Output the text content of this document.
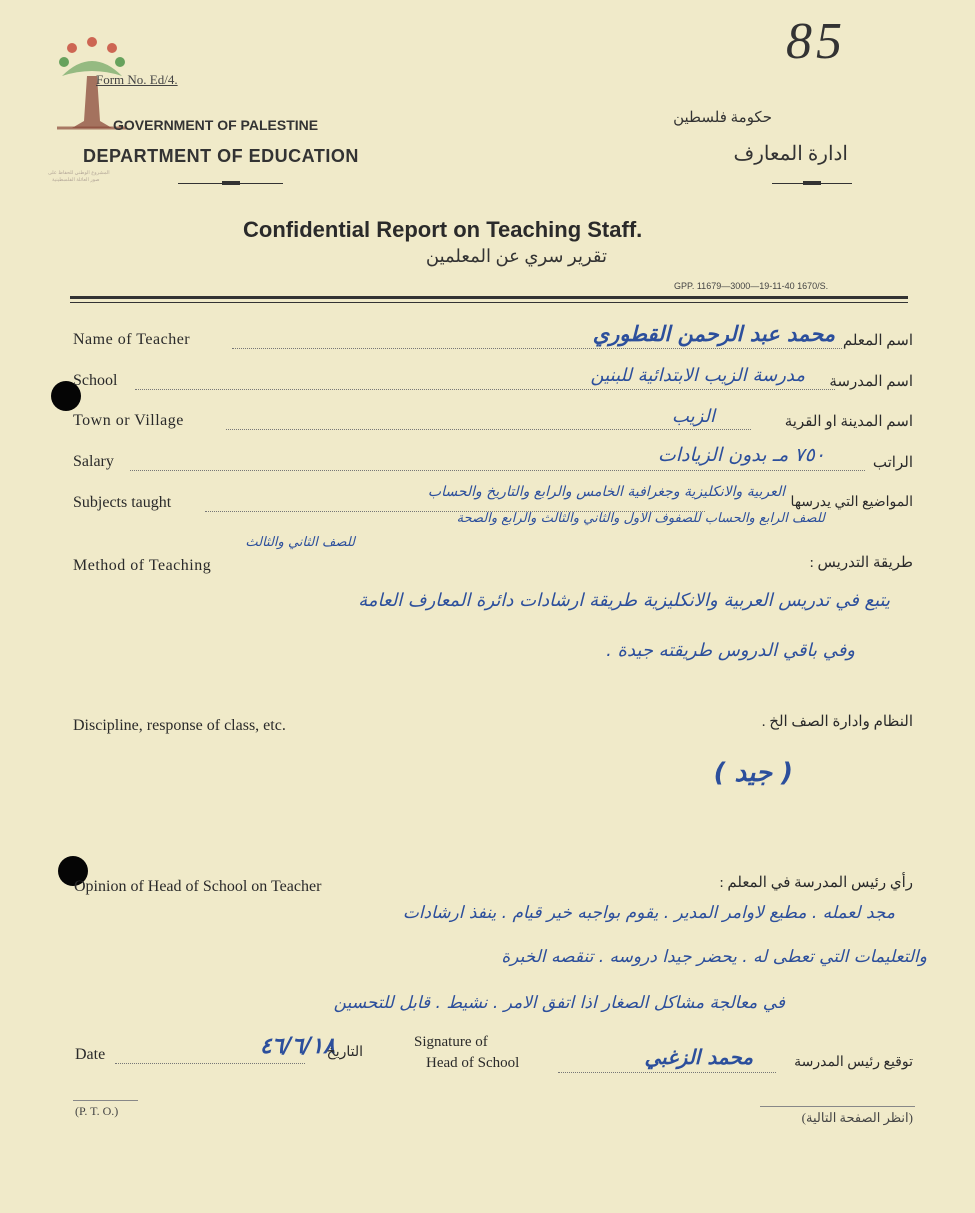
85
المشروع الوطني للحفاظ على
صور العائلة الفلسطينية
Form No. Ed/4.
GOVERNMENT OF PALESTINE
DEPARTMENT OF EDUCATION
حكومة فلسطين
ادارة المعارف
Confidential Report on Teaching Staff.
تقرير سري عن المعلمين
GPP. 11679—3000—19-11-40 1670/S.
Name of Teacher	اسم المعلم
محمد عبد الرحمن القطوري
School	اسم المدرسة
مدرسة الزيب الابتدائية للبنين
Town or Village	اسم المدينة او القرية
الزيب
Salary	الراتب
٧٥٠ مـ بدون الزيادات
Subjects taught	المواضيع التي يدرسها
العربية والانكليزية وجغرافية الخامس والرابع والتاريخ والحساب
للصف الرابع والحساب للصفوف الاول والثاني والثالث والرابع والصحة
للصف الثاني والثالث
Method of Teaching	طريقة التدريس :
يتبع في تدريس العربية والانكليزية طريقة ارشادات دائرة المعارف العامة
وفي باقي الدروس طريقته جيدة .
Discipline, response of class, etc.	النظام وادارة الصف الخ .
( جيد )
Opinion of Head of School on Teacher	رأي رئيس المدرسة في المعلم :
مجد لعمله . مطيع لاوامر المدير . يقوم بواجبه خير قيام . ينفذ ارشادات
والتعليمات التي تعطى له . يحضر جيدا دروسه . تنقصه الخبرة
في معالجة مشاكل الصغار اذا اتفق الامر . نشيط . قابل للتحسين
Date	٤٦/٦/١٨
التاريخ
Signature of
Head of School	محمد الزغبي	توقيع رئيس المدرسة
(P. T. O.)	(انظر الصفحة التالية)
